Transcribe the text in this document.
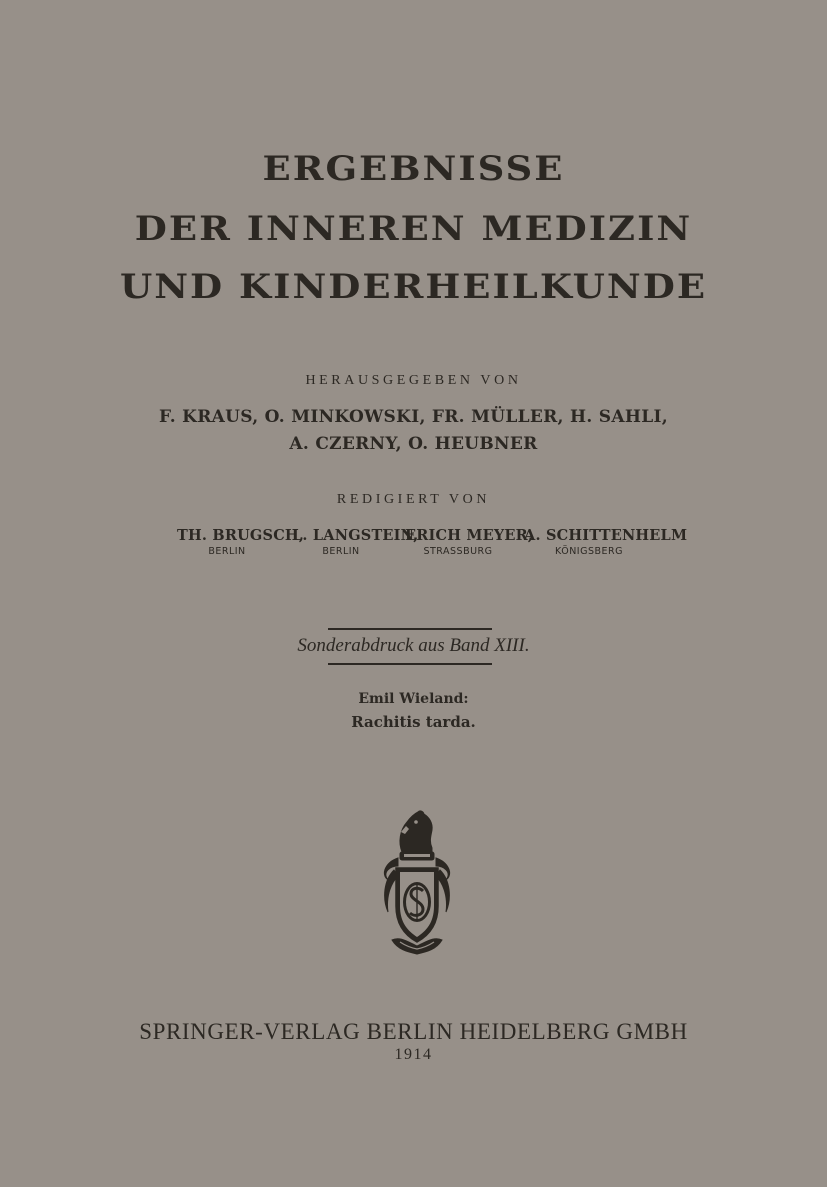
ERGEBNISSE
DER INNEREN MEDIZIN
UND KINDERHEILKUNDE
HERAUSGEGEBEN VON
F. KRAUS, O. MINKOWSKI, FR. MÜLLER, H. SAHLI,
A. CZERNY, O. HEUBNER
REDIGIERT VON
TH. BRUGSCH,
BERLIN
L. LANGSTEIN,
BERLIN
ERICH MEYER,
STRASSBURG
A. SCHITTENHELM
KÖNIGSBERG
Sonderabdruck aus Band XIII.
Emil Wieland:
Rachitis tarda.
SPRINGER-VERLAG BERLIN HEIDELBERG GMBH
1914
